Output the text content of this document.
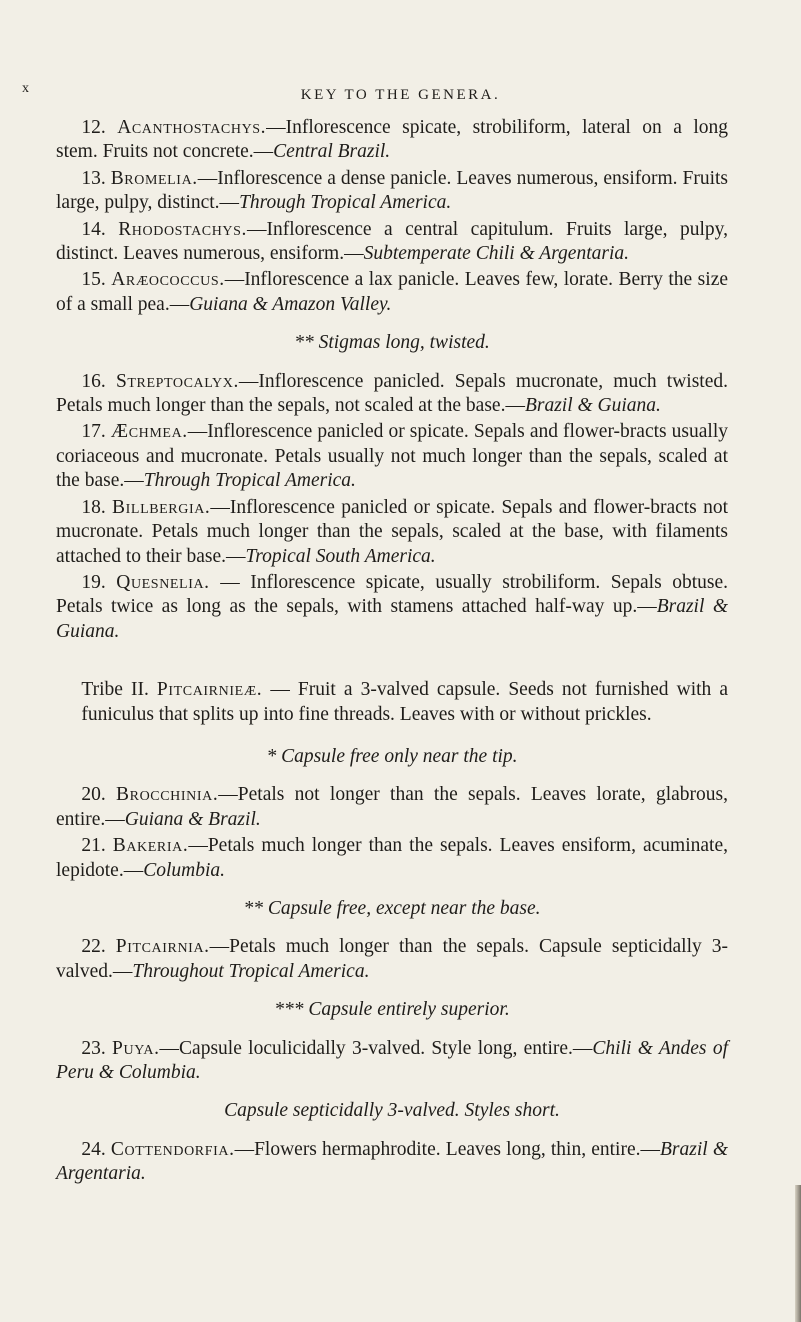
x	KEY TO THE GENERA.

12. Acanthostachys.—Inflorescence spicate, strobiliform, lateral on a long stem. Fruits not concrete.—Central Brazil.

13. Bromelia.—Inflorescence a dense panicle. Leaves numerous, ensiform. Fruits large, pulpy, distinct.—Through Tropical America.

14. Rhodostachys.—Inflorescence a central capitulum. Fruits large, pulpy, distinct. Leaves numerous, ensiform.—Subtemperate Chili & Argentaria.

15. Aræococcus.—Inflorescence a lax panicle. Leaves few, lorate. Berry the size of a small pea.—Guiana & Amazon Valley.

** Stigmas long, twisted.

16. Streptocalyx.—Inflorescence panicled. Sepals mucronate, much twisted. Petals much longer than the sepals, not scaled at the base.—Brazil & Guiana.

17. Æchmea.—Inflorescence panicled or spicate. Sepals and flower-bracts usually coriaceous and mucronate. Petals usually not much longer than the sepals, scaled at the base.—Through Tropical America.

18. Billbergia.—Inflorescence panicled or spicate. Sepals and flower-bracts not mucronate. Petals much longer than the sepals, scaled at the base, with filaments attached to their base.—Tropical South America.

19. Quesnelia. — Inflorescence spicate, usually strobiliform. Sepals obtuse. Petals twice as long as the sepals, with stamens attached half-way up.—Brazil & Guiana.

Tribe II. Pitcairnieæ. — Fruit a 3-valved capsule. Seeds not furnished with a funiculus that splits up into fine threads. Leaves with or without prickles.

* Capsule free only near the tip.

20. Brocchinia.—Petals not longer than the sepals. Leaves lorate, glabrous, entire.—Guiana & Brazil.

21. Bakeria.—Petals much longer than the sepals. Leaves ensiform, acuminate, lepidote.—Columbia.

** Capsule free, except near the base.

22. Pitcairnia.—Petals much longer than the sepals. Capsule septicidally 3-valved.—Throughout Tropical America.

*** Capsule entirely superior.

23. Puya.—Capsule loculicidally 3-valved. Style long, entire.—Chili & Andes of Peru & Columbia.

Capsule septicidally 3-valved. Styles short.

24. Cottendorfia.—Flowers hermaphrodite. Leaves long, thin, entire.—Brazil & Argentaria.
